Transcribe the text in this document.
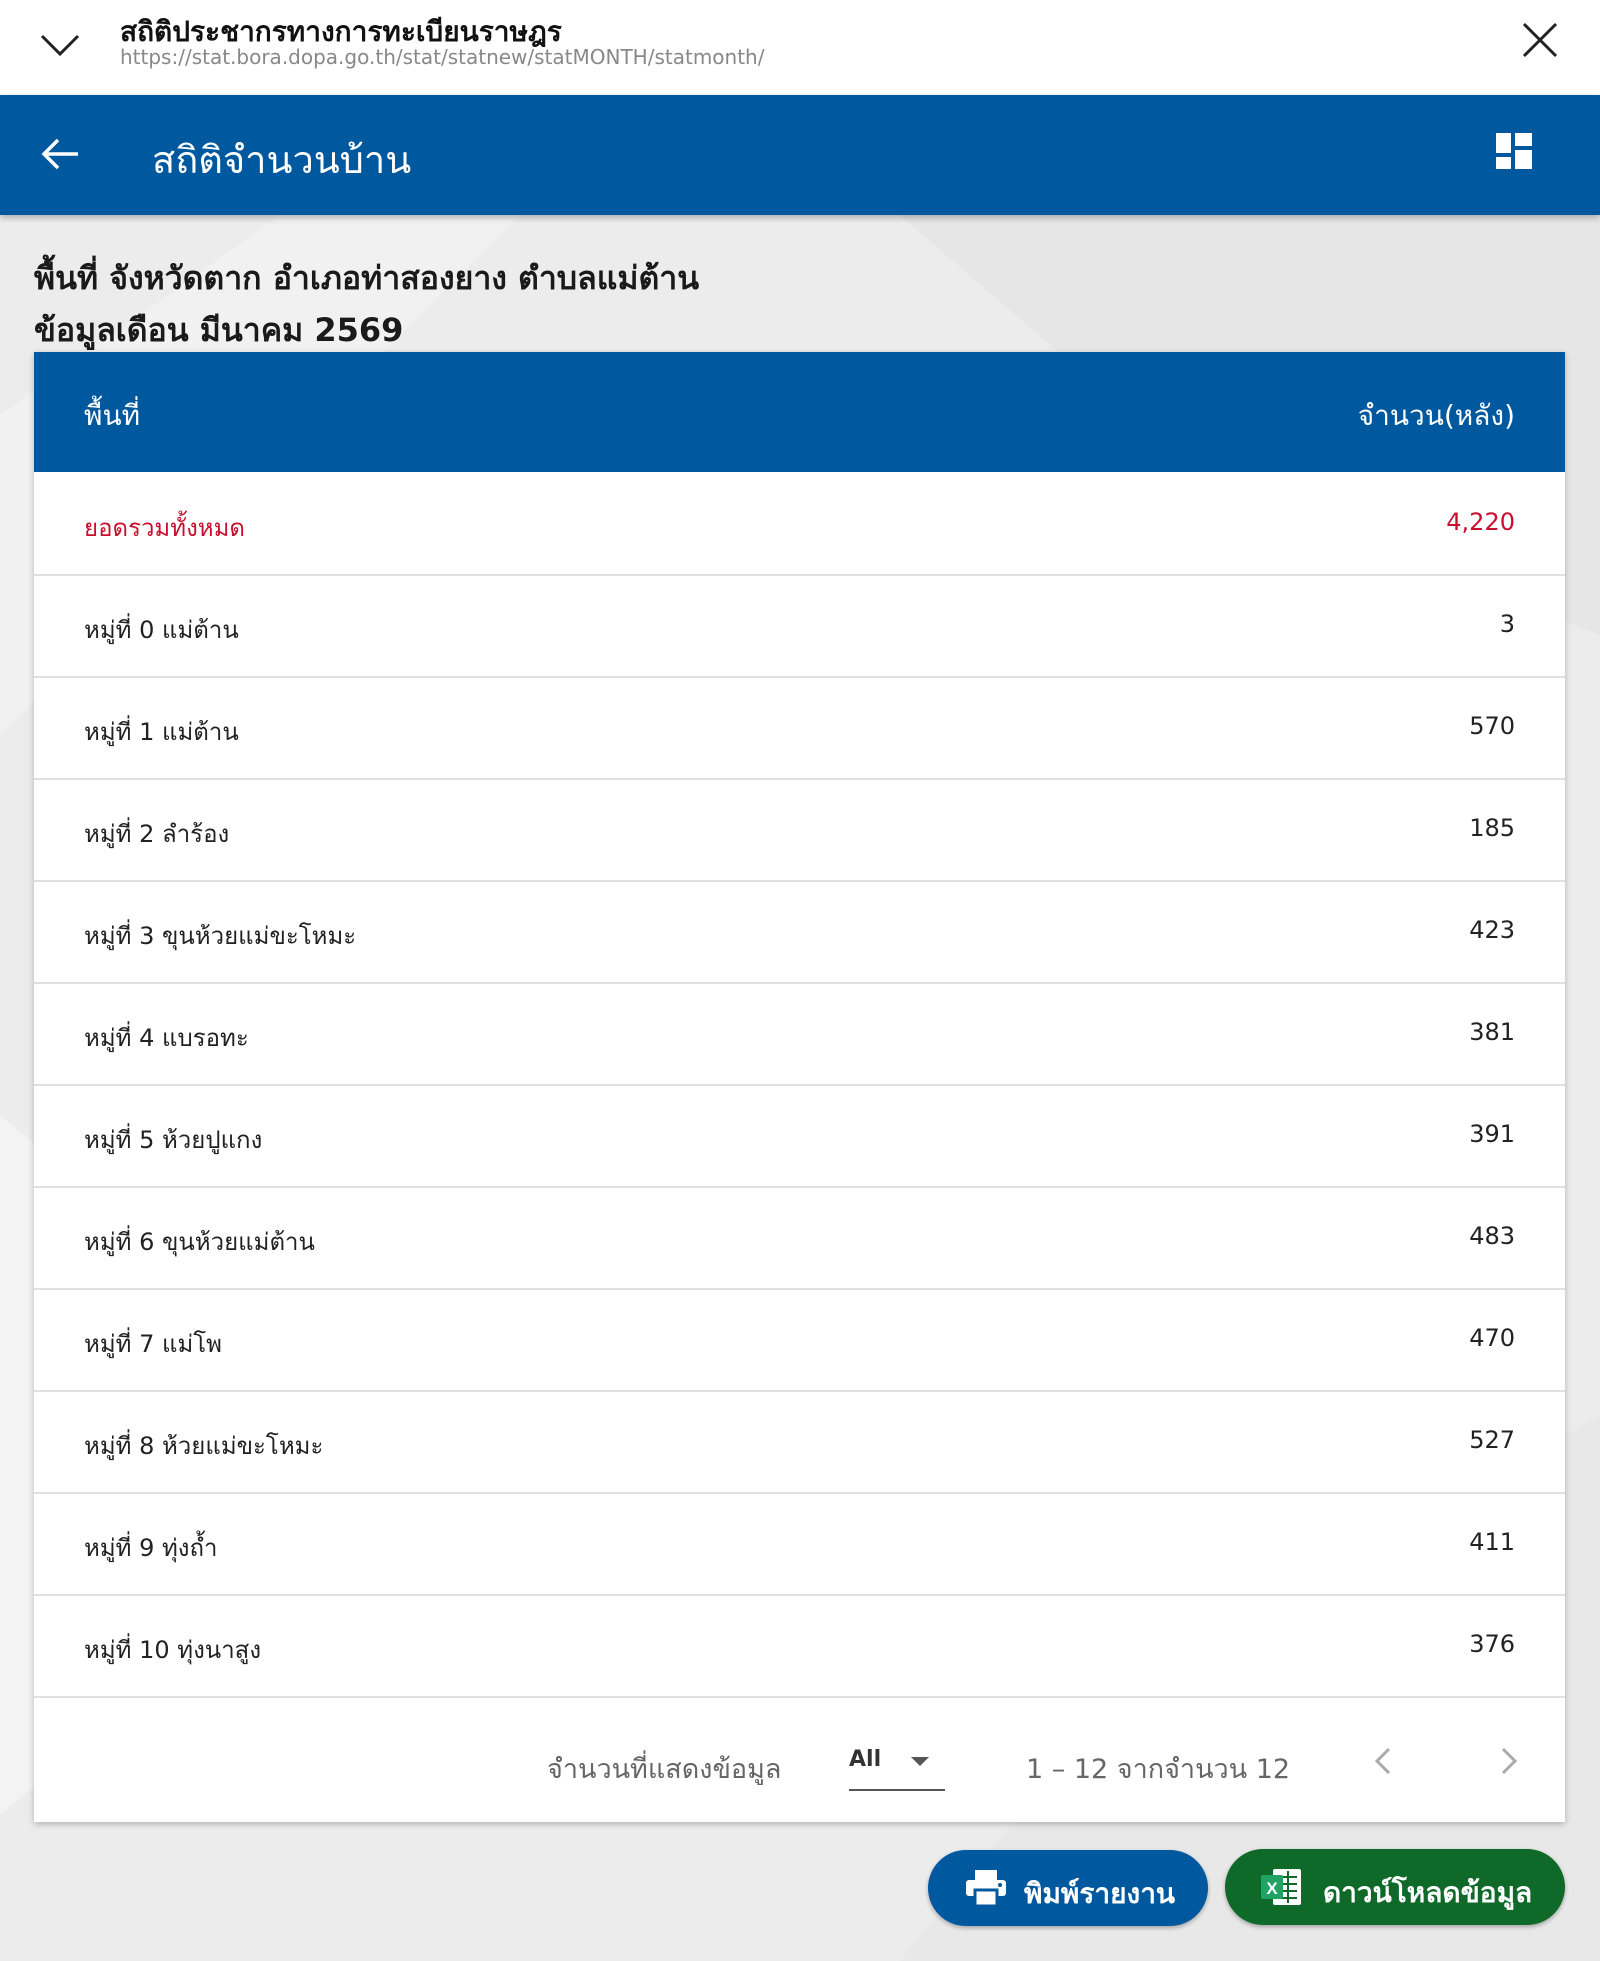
สถิติประชากรทางการทะเบียนราษฎร
https://stat.bora.dopa.go.th/stat/statnew/statMONTH/statmonth/
สถิติจำนวนบ้าน
พื้นที่ จังหวัดตาก อำเภอท่าสองยาง ตำบลแม่ต้าน
ข้อมูลเดือน มีนาคม 2569
พื้นที่	จำนวน(หลัง)
ยอดรวมทั้งหมด	4,220
หมู่ที่ 0 แม่ต้าน	3
หมู่ที่ 1 แม่ต้าน	570
หมู่ที่ 2 ลำร้อง	185
หมู่ที่ 3 ขุนห้วยแม่ขะโหมะ	423
หมู่ที่ 4 แบรอทะ	381
หมู่ที่ 5 ห้วยปูแกง	391
หมู่ที่ 6 ขุนห้วยแม่ต้าน	483
หมู่ที่ 7 แม่โพ	470
หมู่ที่ 8 ห้วยแม่ขะโหมะ	527
หมู่ที่ 9 ทุ่งถ้ำ	411
หมู่ที่ 10 ทุ่งนาสูง	376
จำนวนที่แสดงข้อมูล	All	1 – 12 จากจำนวน 12
พิมพ์รายงาน	X ดาวน์โหลดข้อมูล
